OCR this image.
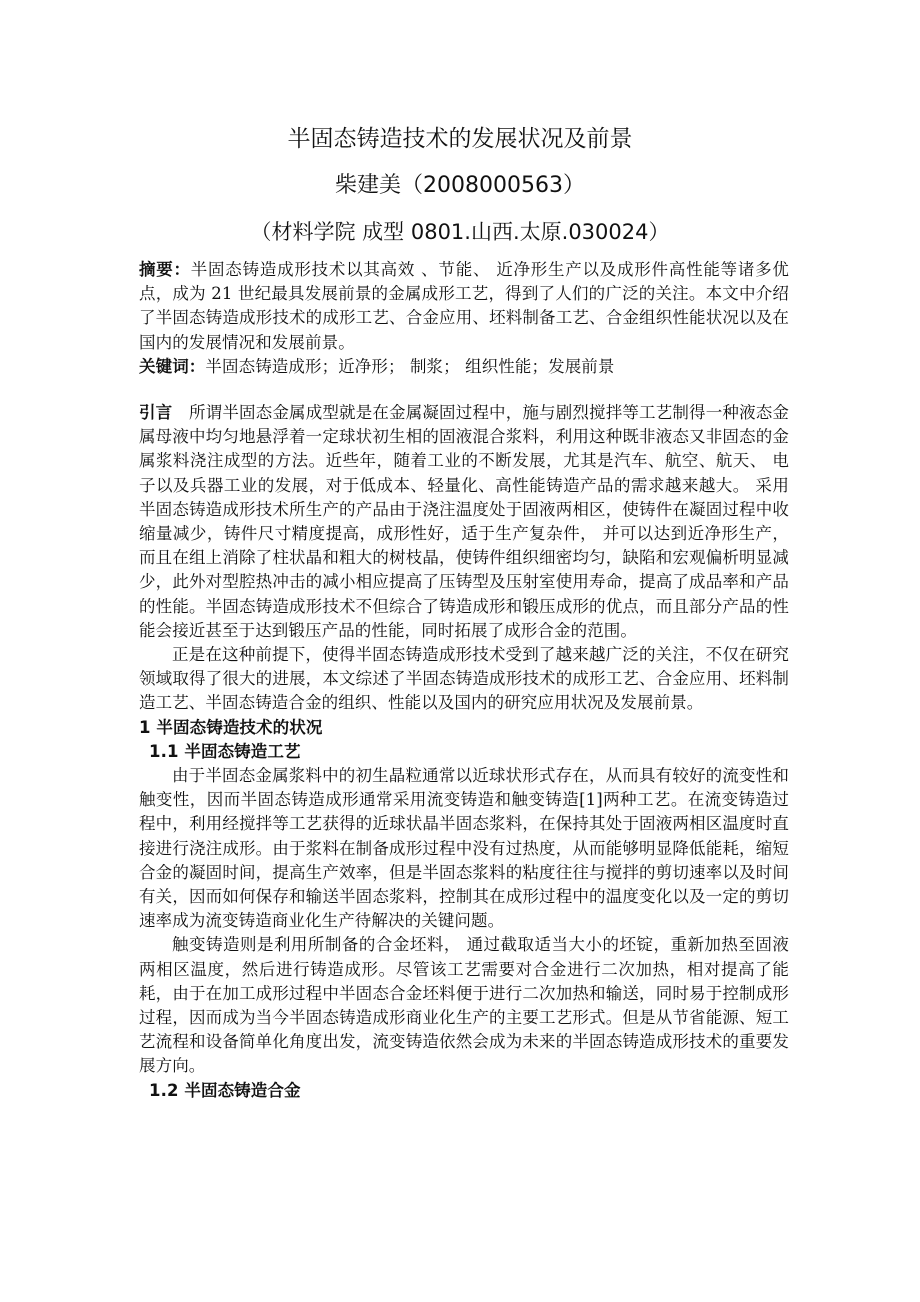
半固态铸造技术的发展状况及前景
柴建美（2008000563）
（材料学院 成型 0801.山西.太原.030024）

摘要：半固态铸造成形技术以其高效 、节能、 近净形生产以及成形件高性能等诸多优点，成为 21 世纪最具发展前景的金属成形工艺，得到了人们的广泛的关注。本文中介绍了半固态铸造成形技术的成形工艺、合金应用、坯料制备工艺、合金组织性能状况以及在国内的发展情况和发展前景。

关键词：半固态铸造成形；近净形； 制浆； 组织性能；发展前景

引言　所谓半固态金属成型就是在金属凝固过程中，施与剧烈搅拌等工艺制得一种液态金属母液中均匀地悬浮着一定球状初生相的固液混合浆料，利用这种既非液态又非固态的金属浆料浇注成型的方法。近些年，随着工业的不断发展，尤其是汽车、航空、航天、 电子以及兵器工业的发展，对于低成本、轻量化、高性能铸造产品的需求越来越大。 采用半固态铸造成形技术所生产的产品由于浇注温度处于固液两相区，使铸件在凝固过程中收缩量减少，铸件尺寸精度提高，成形性好，适于生产复杂件， 并可以达到近净形生产，而且在组上消除了柱状晶和粗大的树枝晶，使铸件组织细密均匀，缺陷和宏观偏析明显减少，此外对型腔热冲击的减小相应提高了压铸型及压射室使用寿命，提高了成品率和产品的性能。半固态铸造成形技术不但综合了铸造成形和锻压成形的优点，而且部分产品的性能会接近甚至于达到锻压产品的性能，同时拓展了成形合金的范围。

正是在这种前提下，使得半固态铸造成形技术受到了越来越广泛的关注，不仅在研究领域取得了很大的进展，本文综述了半固态铸造成形技术的成形工艺、合金应用、坯料制造工艺、半固态铸造合金的组织、性能以及国内的研究应用状况及发展前景。

1 半固态铸造技术的状况

1.1 半固态铸造工艺

由于半固态金属浆料中的初生晶粒通常以近球状形式存在，从而具有较好的流变性和触变性，因而半固态铸造成形通常采用流变铸造和触变铸造[1]两种工艺。在流变铸造过程中，利用经搅拌等工艺获得的近球状晶半固态浆料，在保持其处于固液两相区温度时直接进行浇注成形。由于浆料在制备成形过程中没有过热度，从而能够明显降低能耗，缩短合金的凝固时间，提高生产效率，但是半固态浆料的粘度往往与搅拌的剪切速率以及时间有关，因而如何保存和输送半固态浆料，控制其在成形过程中的温度变化以及一定的剪切速率成为流变铸造商业化生产待解决的关键问题。

触变铸造则是利用所制备的合金坯料， 通过截取适当大小的坯锭，重新加热至固液两相区温度，然后进行铸造成形。尽管该工艺需要对合金进行二次加热，相对提高了能耗，由于在加工成形过程中半固态合金坯料便于进行二次加热和输送，同时易于控制成形过程，因而成为当今半固态铸造成形商业化生产的主要工艺形式。但是从节省能源、短工艺流程和设备简单化角度出发，流变铸造依然会成为未来的半固态铸造成形技术的重要发展方向。

1.2 半固态铸造合金
